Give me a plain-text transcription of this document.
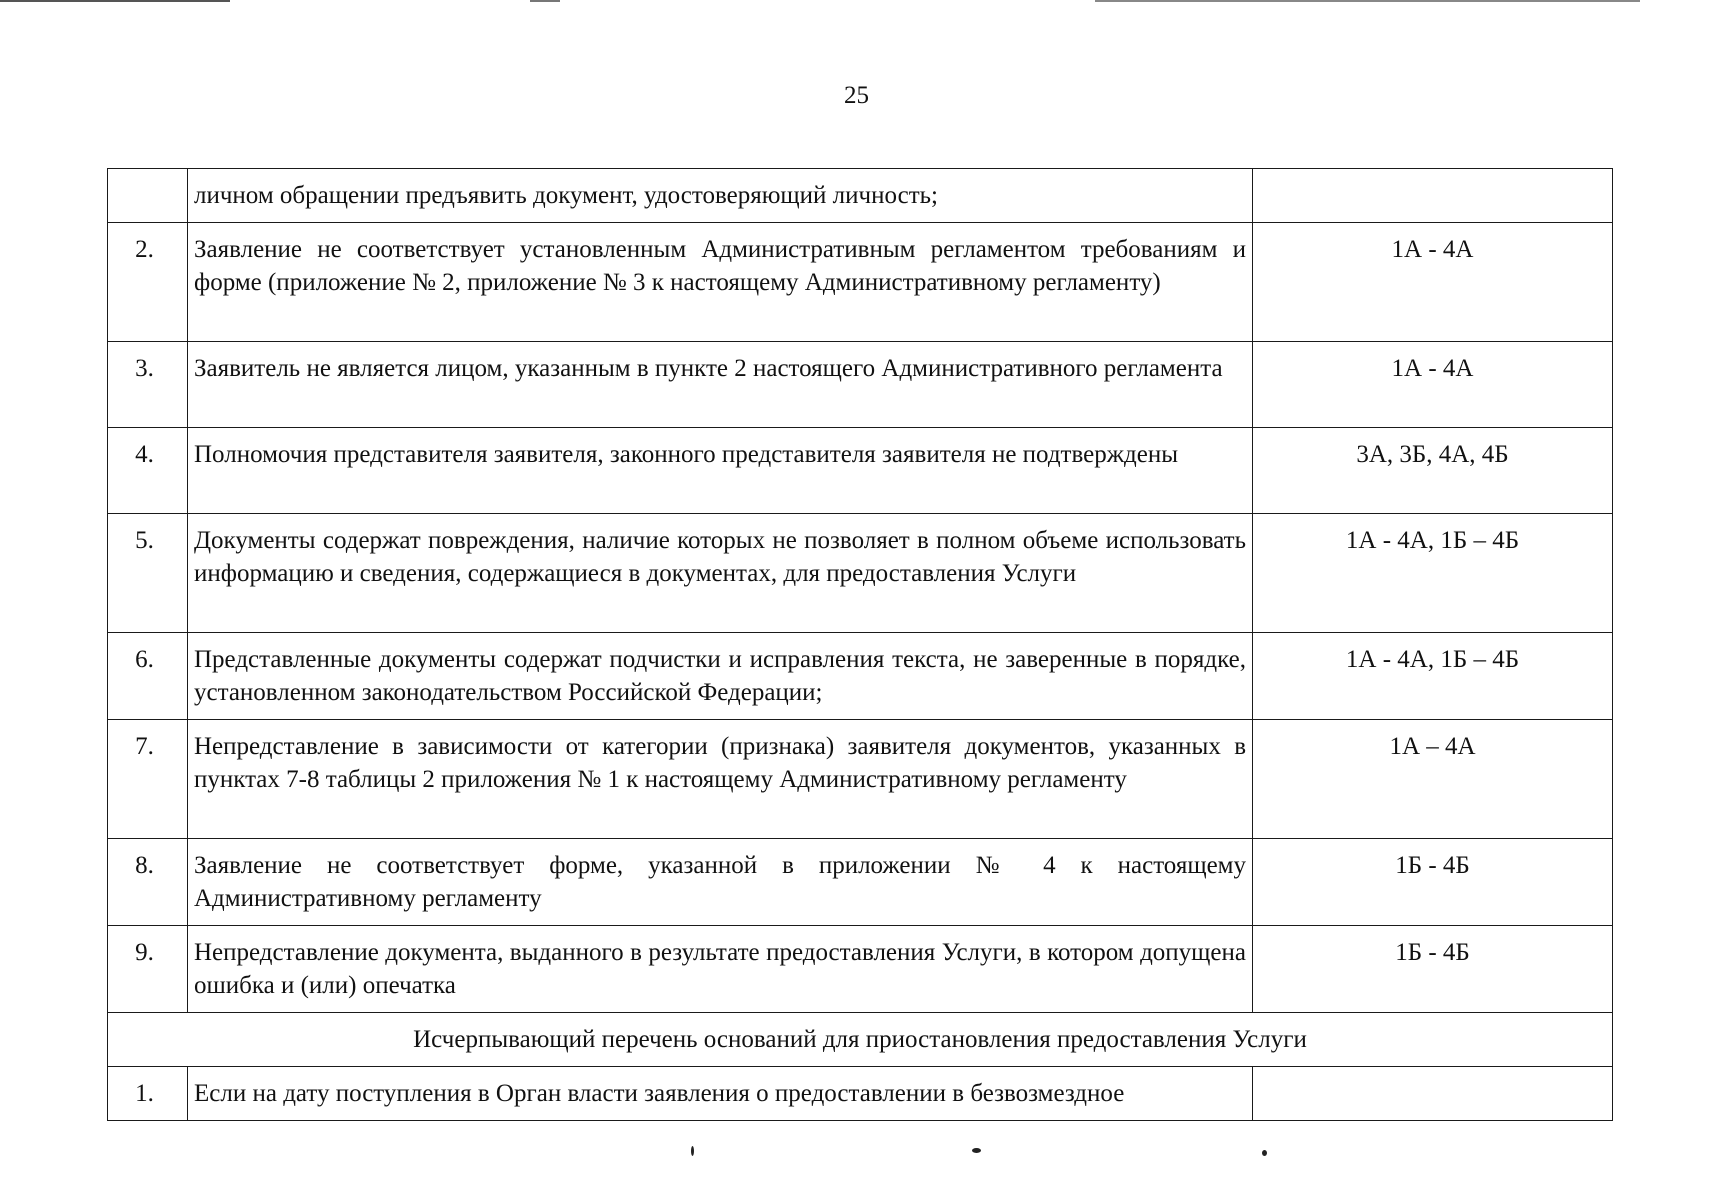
25
	личном обращении предъявить документ, удостоверяющий личность;	
2.	Заявление не соответствует установленным Административным регламентом требованиям и форме (приложение № 2, приложение № 3 к настоящему Административному регламенту)	1А - 4А
3.	Заявитель не является лицом, указанным в пункте 2 настоящего Административного регламента	1А - 4А
4.	Полномочия представителя заявителя, законного представителя заявителя не подтверждены	3А, 3Б, 4А, 4Б
5.	Документы содержат повреждения, наличие которых не позволяет в полном объеме использовать информацию и сведения, содержащиеся в документах, для предоставления Услуги	1А - 4А, 1Б – 4Б
6.	Представленные документы содержат подчистки и исправления текста, не заверенные в порядке, установленном законодательством Российской Федерации;	1А - 4А, 1Б – 4Б
7.	Непредставление в зависимости от категории (признака) заявителя документов, указанных в пунктах 7-8 таблицы 2 приложения № 1 к настоящему Административному регламенту	1А – 4А
8.	Заявление не соответствует форме, указанной в приложении № 4 к настоящему Административному регламенту	1Б - 4Б
9.	Непредставление документа, выданного в результате предоставления Услуги, в котором допущена ошибка и (или) опечатка	1Б - 4Б
Исчерпывающий перечень оснований для приостановления предоставления Услуги		
1.	Если на дату поступления в Орган власти заявления о предоставлении в безвозмездное	
